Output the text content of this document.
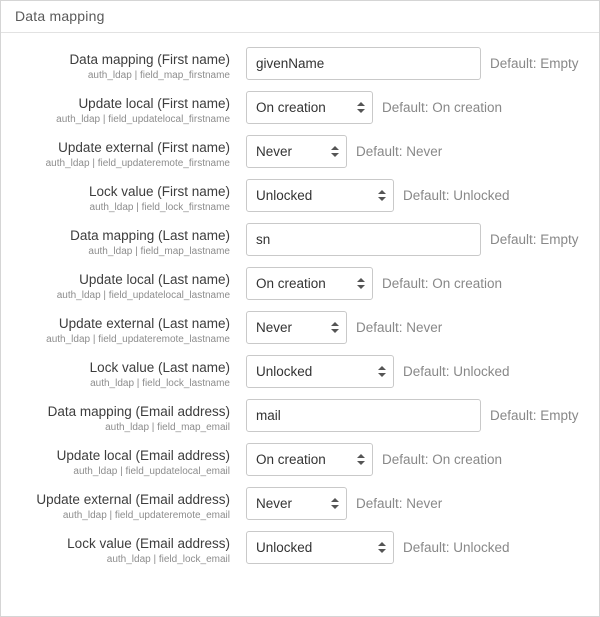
Data mapping
Data mapping (First name)
auth_ldap | field_map_firstname
givenName
Default: Empty
Update local (First name)
auth_ldap | field_updatelocal_firstname
On creation
Default: On creation
Update external (First name)
auth_ldap | field_updateremote_firstname
Never
Default: Never
Lock value (First name)
auth_ldap | field_lock_firstname
Unlocked
Default: Unlocked
Data mapping (Last name)
auth_ldap | field_map_lastname
sn
Default: Empty
Update local (Last name)
auth_ldap | field_updatelocal_lastname
On creation
Default: On creation
Update external (Last name)
auth_ldap | field_updateremote_lastname
Never
Default: Never
Lock value (Last name)
auth_ldap | field_lock_lastname
Unlocked
Default: Unlocked
Data mapping (Email address)
auth_ldap | field_map_email
mail
Default: Empty
Update local (Email address)
auth_ldap | field_updatelocal_email
On creation
Default: On creation
Update external (Email address)
auth_ldap | field_updateremote_email
Never
Default: Never
Lock value (Email address)
auth_ldap | field_lock_email
Unlocked
Default: Unlocked
